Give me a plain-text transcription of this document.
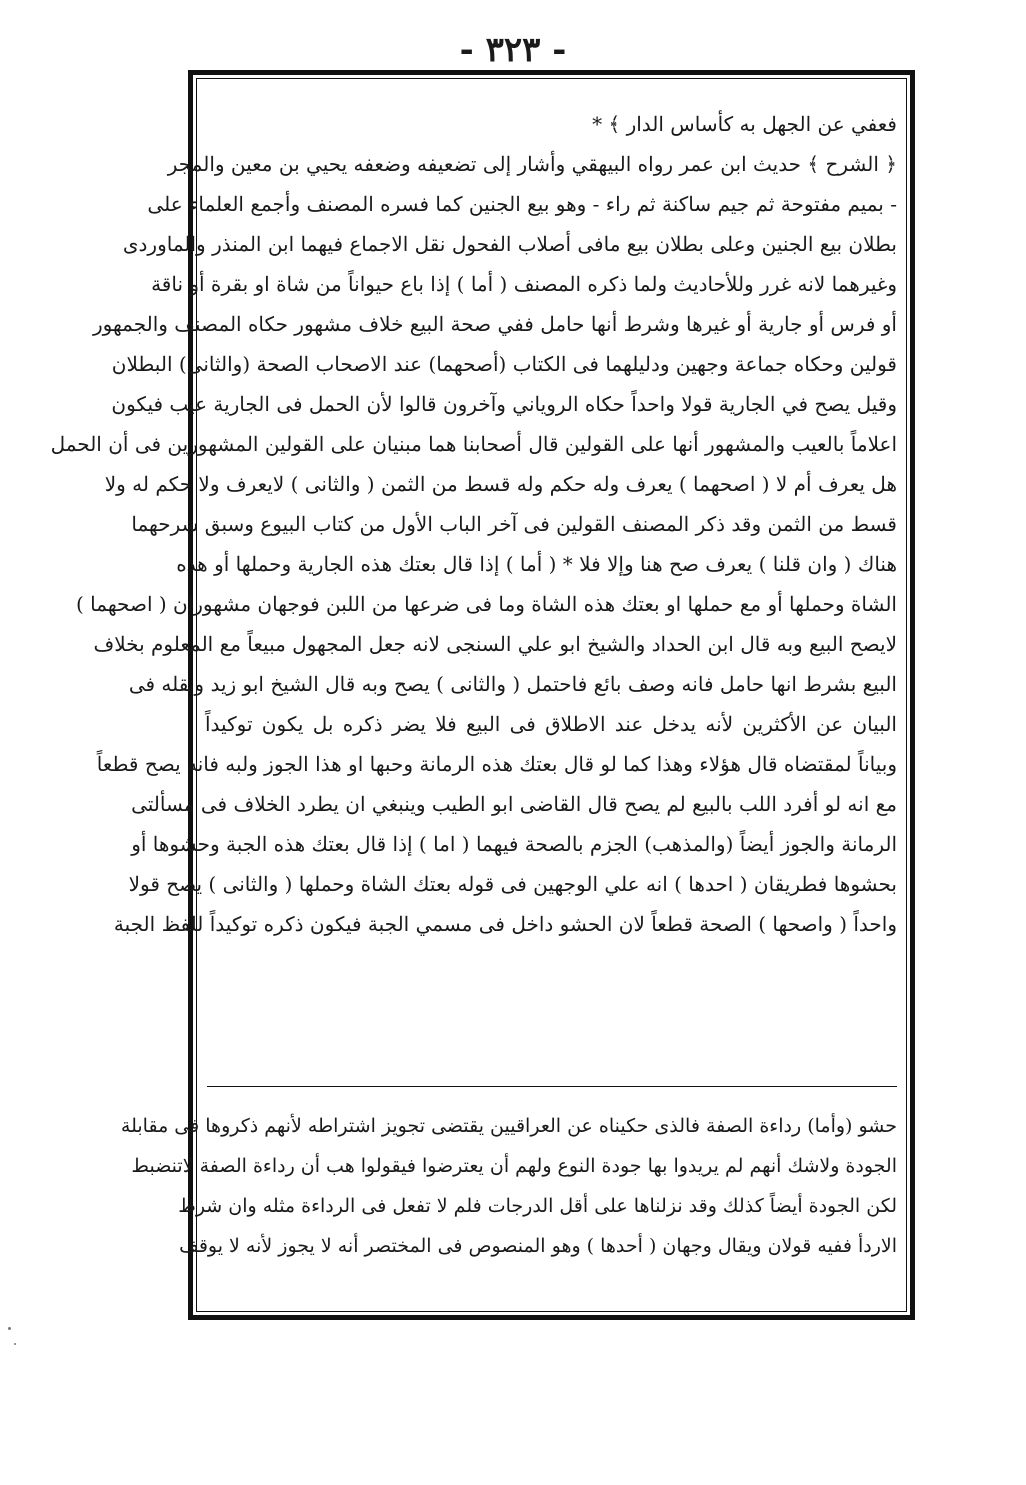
- ٣٢٣ -
فعفي عن الجهل به كأساس الدار ﴾ *
﴿ الشرح ﴾ حديث ابن عمر رواه البيهقي وأشار إلى تضعيفه وضعفه يحيي بن معين والمجر
- بميم مفتوحة ثم جيم ساكنة ثم راء - وهو بيع الجنين كما فسره المصنف وأجمع العلماء على
بطلان بيع الجنين وعلى بطلان بيع مافى أصلاب الفحول نقل الاجماع فيهما ابن المنذر والماوردى
وغيرهما لانه غرر وللأحاديث ولما ذكره المصنف ( أما ) إذا باع حيواناً من شاة او بقرة أو ناقة
أو فرس أو جارية أو غيرها وشرط أنها حامل ففي صحة البيع خلاف مشهور حكاه المصنف والجمهور
قولين وحكاه جماعة وجهين ودليلهما فى الكتاب (أصحهما) عند الاصحاب الصحة (والثانى) البطلان
وقيل يصح في الجارية قولا واحداً حكاه الروياني وآخرون قالوا لأن الحمل فى الجارية عيب فيكون
اعلاماً بالعيب والمشهور أنها على القولين قال أصحابنا هما مبنيان على القولين المشهورين فى أن الحمل
هل يعرف أم لا ( اصحهما ) يعرف وله حكم وله قسط من الثمن ( والثانى ) لايعرف ولا حكم له ولا
قسط من الثمن وقد ذكر المصنف القولين فى آخر الباب الأول من كتاب البيوع وسبق شرحهما
هناك ( وان قلنا ) يعرف صح هنا وإلا فلا * ( أما ) إذا قال بعتك هذه الجارية وحملها أو هذه
الشاة وحملها أو مع حملها او بعتك هذه الشاة وما فى ضرعها من اللبن فوجهان مشهوران ( اصحهما )
لايصح البيع وبه قال ابن الحداد والشيخ ابو علي السنجى لانه جعل المجهول مبيعاً مع المعلوم بخلاف
البيع بشرط انها حامل فانه وصف بائع فاحتمل ( والثانى ) يصح وبه قال الشيخ ابو زيد ونقله فى
البيان عن الأكثرين لأنه يدخل عند الاطلاق فى البيع فلا يضر ذكره بل يكون توكيداً
وبياناً لمقتضاه قال هؤلاء وهذا كما لو قال بعتك هذه الرمانة وحبها او هذا الجوز ولبه فانه يصح قطعاً
مع انه لو أفرد اللب بالبيع لم يصح قال القاضى ابو الطيب وينبغي ان يطرد الخلاف فى مسألتى
الرمانة والجوز أيضاً (والمذهب) الجزم بالصحة فيهما ( اما ) إذا قال بعتك هذه الجبة وحشوها أو
بحشوها فطريقان ( احدها ) انه علي الوجهين فى قوله بعتك الشاة وحملها ( والثانى ) يصح قولا
واحداً ( واصحها ) الصحة قطعاً لان الحشو داخل فى مسمي الجبة فيكون ذكره توكيداً للفظ الجبة
حشو (وأما) رداءة الصفة فالذى حكيناه عن العراقيين يقتضى تجويز اشتراطه لأنهم ذكروها فى مقابلة
الجودة ولاشك أنهم لم يريدوا بها جودة النوع ولهم أن يعترضوا فيقولوا هب أن رداءة الصفة لاتنضبط
لكن الجودة أيضاً كذلك وقد نزلناها على أقل الدرجات فلم لا تفعل فى الرداءة مثله وان شرط
الاردأ ففيه قولان ويقال وجهان ( أحدها ) وهو المنصوص فى المختصر أنه لا يجوز لأنه لا يوقف
